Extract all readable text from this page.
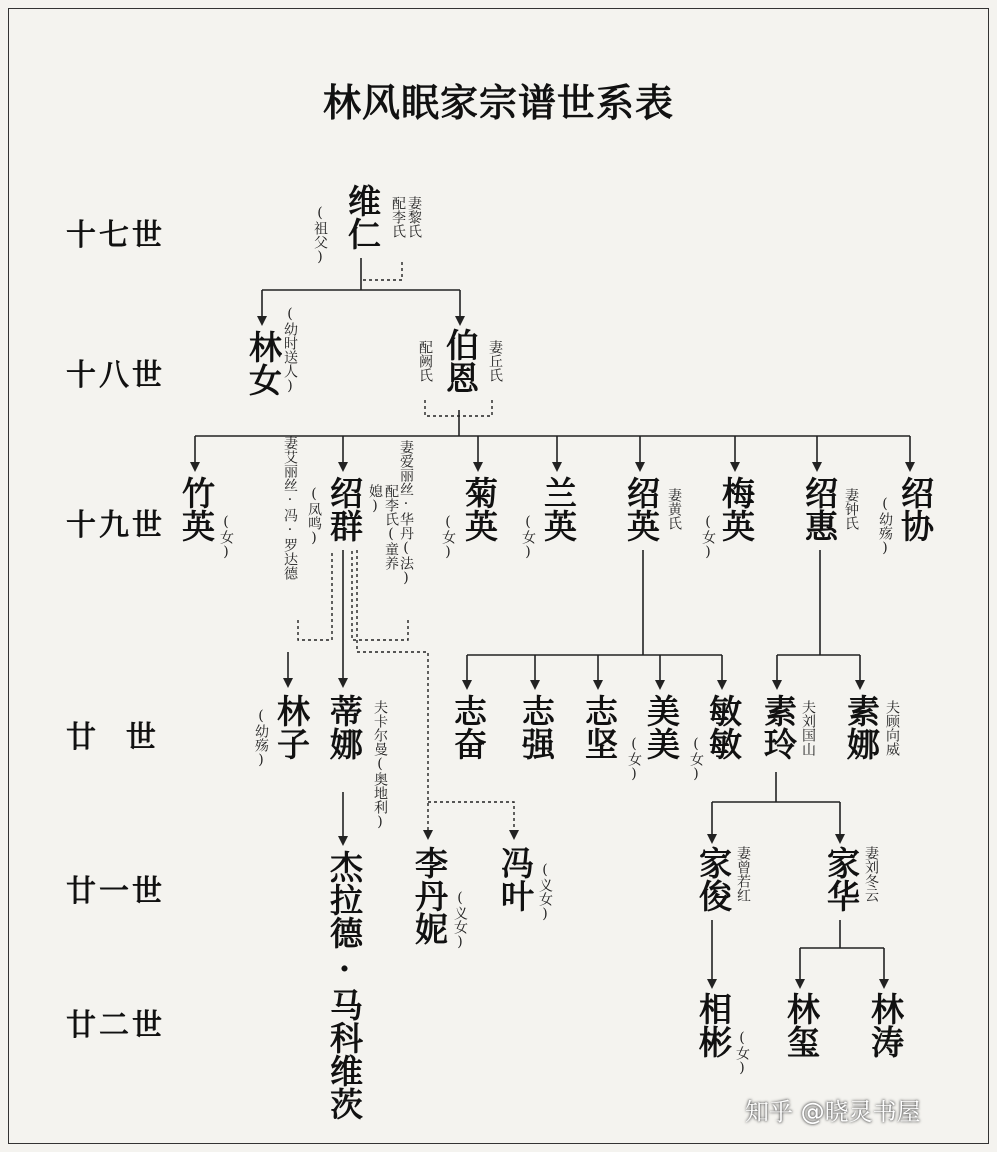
林风眠家宗谱世系表
十七世
十八世
十九世
廿  世
廿一世
廿二世
维仁
(祖父)	妻黎氏
配李氏
林女 (幼时送人)	伯恩
配阙氏	妻丘氏
竹英 (女)	妻艾丽丝·冯·罗达德 (凤鸣) 绍群	配李氏(童养媳)	妻爱丽丝·华丹(法) 菊英
(女)	兰英
(女)	绍英 妻黄氏 梅英
(女)	绍惠 妻钟氏 (幼殇) 绍协
(幼殇) 林子 蒂娜 夫卡尔曼(奥地利) 志奋 志强 志坚 (女) 美美 (女) 敏敏 素玲 夫刘国山 素娜 夫顾向威
杰拉德·马科维茨 李丹妮 (义女)
冯叶 (义女)	家俊 妻曾若红 家华 妻刘冬云
相彬 (女) 林玺 林涛
知乎 @晓灵书屋
